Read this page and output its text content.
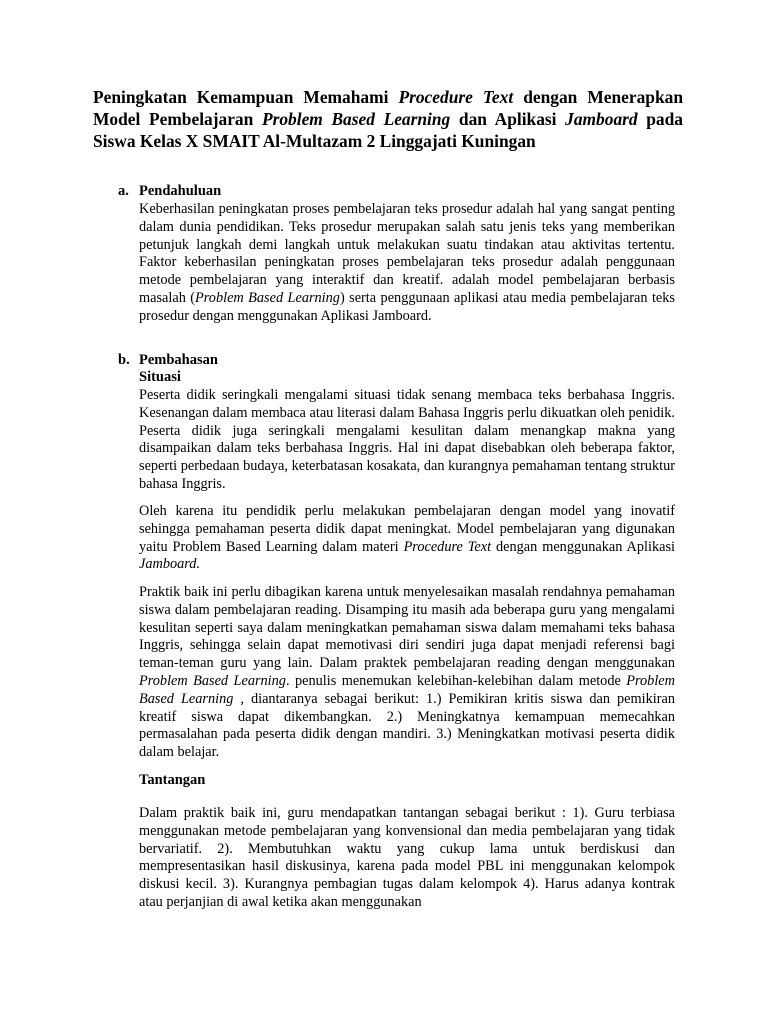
Peningkatan Kemampuan Memahami Procedure Text dengan Menerapkan Model Pembelajaran Problem Based Learning dan Aplikasi Jamboard pada Siswa Kelas X SMAIT Al-Multazam 2 Linggajati Kuningan

a. Pendahuluan

Keberhasilan peningkatan proses pembelajaran teks prosedur adalah hal yang sangat penting dalam dunia pendidikan. Teks prosedur merupakan salah satu jenis teks yang memberikan petunjuk langkah demi langkah untuk melakukan suatu tindakan atau aktivitas tertentu. Faktor keberhasilan peningkatan proses pembelajaran teks prosedur adalah penggunaan metode pembelajaran yang interaktif dan kreatif. adalah model pembelajaran berbasis masalah (Problem Based Learning) serta penggunaan aplikasi atau media pembelajaran teks prosedur dengan menggunakan Aplikasi Jamboard.

b. Pembahasan
Situasi

Peserta didik seringkali mengalami situasi tidak senang membaca teks berbahasa Inggris. Kesenangan dalam membaca atau literasi dalam Bahasa Inggris perlu dikuatkan oleh penidik. Peserta didik juga seringkali mengalami kesulitan dalam menangkap makna yang disampaikan dalam teks berbahasa Inggris. Hal ini dapat disebabkan oleh beberapa faktor, seperti perbedaan budaya, keterbatasan kosakata, dan kurangnya pemahaman tentang struktur bahasa Inggris.

Oleh karena itu pendidik perlu melakukan pembelajaran dengan model yang inovatif sehingga pemahaman peserta didik dapat meningkat. Model pembelajaran yang digunakan yaitu Problem Based Learning dalam materi Procedure Text dengan menggunakan Aplikasi Jamboard.

Praktik baik ini perlu dibagikan karena untuk menyelesaikan masalah rendahnya pemahaman siswa dalam pembelajaran reading. Disamping itu masih ada beberapa guru yang mengalami kesulitan seperti saya dalam meningkatkan pemahaman siswa dalam memahami teks bahasa Inggris, sehingga selain dapat memotivasi diri sendiri juga dapat menjadi referensi bagi teman-teman guru yang lain. Dalam praktek pembelajaran reading dengan menggunakan Problem Based Learning. penulis menemukan kelebihan-kelebihan dalam metode Problem Based Learning , diantaranya sebagai berikut: 1.) Pemikiran kritis siswa dan pemikiran kreatif siswa dapat dikembangkan. 2.) Meningkatnya kemampuan memecahkan permasalahan pada peserta didik dengan mandiri. 3.) Meningkatkan motivasi peserta didik dalam belajar.

Tantangan

Dalam praktik baik ini, guru mendapatkan tantangan sebagai berikut : 1). Guru terbiasa menggunakan metode pembelajaran yang konvensional dan media pembelajaran yang tidak bervariatif. 2). Membutuhkan waktu yang cukup lama untuk berdiskusi dan mempresentasikan hasil diskusinya, karena pada model PBL ini menggunakan kelompok diskusi kecil. 3). Kurangnya pembagian tugas dalam kelompok 4). Harus adanya kontrak atau perjanjian di awal ketika akan menggunakan
